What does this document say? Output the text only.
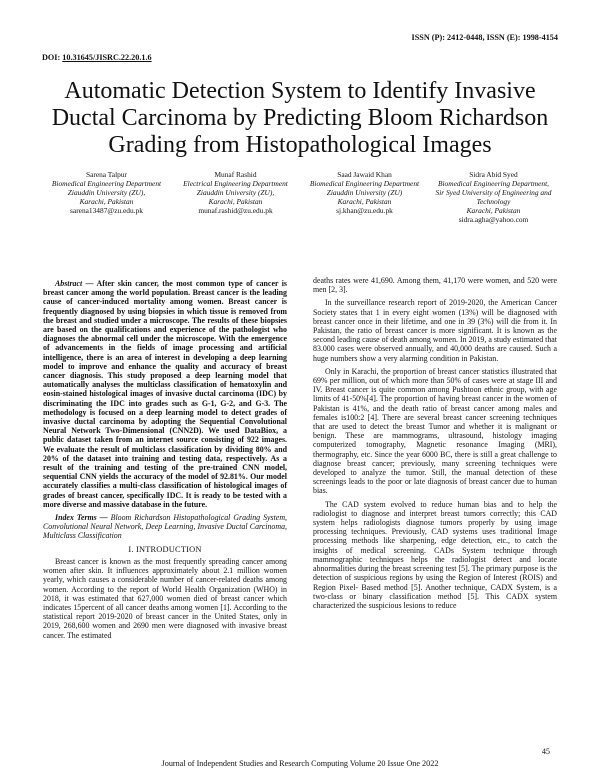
ISSN (P): 2412-0448, ISSN (E): 1998-4154
DOI: 10.31645/JISRC.22.20.1.6
Automatic Detection System to Identify Invasive Ductal Carcinoma by Predicting Bloom Richardson Grading from Histopathological Images
Sarena Talpur
Biomedical Engineering Department
Ziauddin University (ZU),
Karachi, Pakistan
sarena13487@zu.edu.pk
Munaf Rashid
Electrical Engineering Department
Ziauddin University (ZU),
Karachi, Pakistan
munaf.rashid@zu.edu.pk
Saad Jawaid Khan
Biomedical Engineering Department
Ziauddin University (ZU)
Karachi, Pakistan
sj.khan@zu.edu.pk
Sidra Abid Syed
Biomedical Engineering Department,
Sir Syed University of Engineering and Technology
Karachi, Pakistan
sidra.agha@yahoo.com

Abstract — After skin cancer, the most common type of cancer is breast cancer among the world population. Breast cancer is the leading cause of cancer-induced mortality among women. Breast cancer is frequently diagnosed by using biopsies in which tissue is removed from the breast and studied under a microscope. The results of these biopsies are based on the qualifications and experience of the pathologist who diagnoses the abnormal cell under the microscope. With the emergence of advancements in the fields of image processing and artificial intelligence, there is an area of interest in developing a deep learning model to improve and enhance the quality and accuracy of breast cancer diagnosis. This study proposed a deep learning model that automatically analyses the multiclass classification of hematoxylin and eosin-stained histological images of invasive ductal carcinoma (IDC) by discriminating the IDC into grades such as G-1, G-2, and G-3. The methodology is focused on a deep learning model to detect grades of invasive ductal carcinoma by adopting the Sequential Convolutional Neural Network Two-Dimensional (CNN2D). We used DataBiox, a public dataset taken from an internet source consisting of 922 images. We evaluate the result of multiclass classification by dividing 80% and 20% of the dataset into training and testing data, respectively. As a result of the training and testing of the pre-trained CNN model, sequential CNN yields the accuracy of the model of 92.81%. Our model accurately classifies a multi-class classification of histological images of grades of breast cancer, specifically IDC. It is ready to be tested with a more diverse and massive database in the future.

Index Terms — Bloom Richardson Histopathological Grading System, Convolutional Neural Network, Deep Learning, Invasive Ductal Carcinoma, Multiclass Classification

I. INTRODUCTION

Breast cancer is known as the most frequently spreading cancer among women after skin. It influences approximately about 2.1 million women yearly, which causes a considerable number of cancer-related deaths among women. According to the report of World Health Organization (WHO) in 2018, it was estimated that 627,000 women died of breast cancer which indicates 15percent of all cancer deaths among women [1]. According to the statistical report 2019-2020 of breast cancer in the United States, only in 2019, 268,600 women and 2690 men were diagnosed with invasive breast cancer. The estimated

deaths rates were 41,690. Among them, 41,170 were women, and 520 were men [2, 3].

In the surveillance research report of 2019-2020, the American Cancer Society states that 1 in every eight women (13%) will be diagnosed with breast cancer once in their lifetime, and one in 39 (3%) will die from it. In Pakistan, the ratio of breast cancer is more significant. It is known as the second leading cause of death among women. In 2019, a study estimated that 83.000 cases were observed annually, and 40,000 deaths are caused. Such a huge numbers show a very alarming condition in Pakistan.

Only in Karachi, the proportion of breast cancer statistics illustrated that 69% per million, out of which more than 50% of cases were at stage III and IV. Breast cancer is quite common among Pushtoon ethnic group, with age limits of 41-50%[4]. The proportion of having breast cancer in the women of Pakistan is 41%, and the death ratio of breast cancer among males and females is100:2 [4]. There are several breast cancer screening techniques that are used to detect the breast Tumor and whether it is malignant or benign. These are mammograms, ultrasound, histology imaging computerized tomography, Magnetic resonance Imaging (MRI), thermography, etc. Since the year 6000 BC, there is still a great challenge to diagnose breast cancer; previously, many screening techniques were developed to analyze the tumor. Still, the manual detection of these screenings leads to the poor or late diagnosis of breast cancer due to human bias.

The CAD system evolved to reduce human bias and to help the radiologist to diagnose and interpret breast tumors correctly; this CAD system helps radiologists diagnose tumors properly by using image processing techniques. Previously, CAD systems uses traditional Image processing methods like sharpening, edge detection, etc., to catch the insights of medical screening. CADs System technique through mammographic techniques helps the radiologist detect and locate abnormalities during the breast screening test [5]. The primary purpose is the detection of suspicious regions by using the Region of Interest (ROIS) and Region Pixel- Based method [5]. Another technique, CADX System, is a two-class or binary classification method [5]. This CADX system characterized the suspicious lesions to reduce

45
Journal of Independent Studies and Research Computing Volume 20 Issue One 2022
